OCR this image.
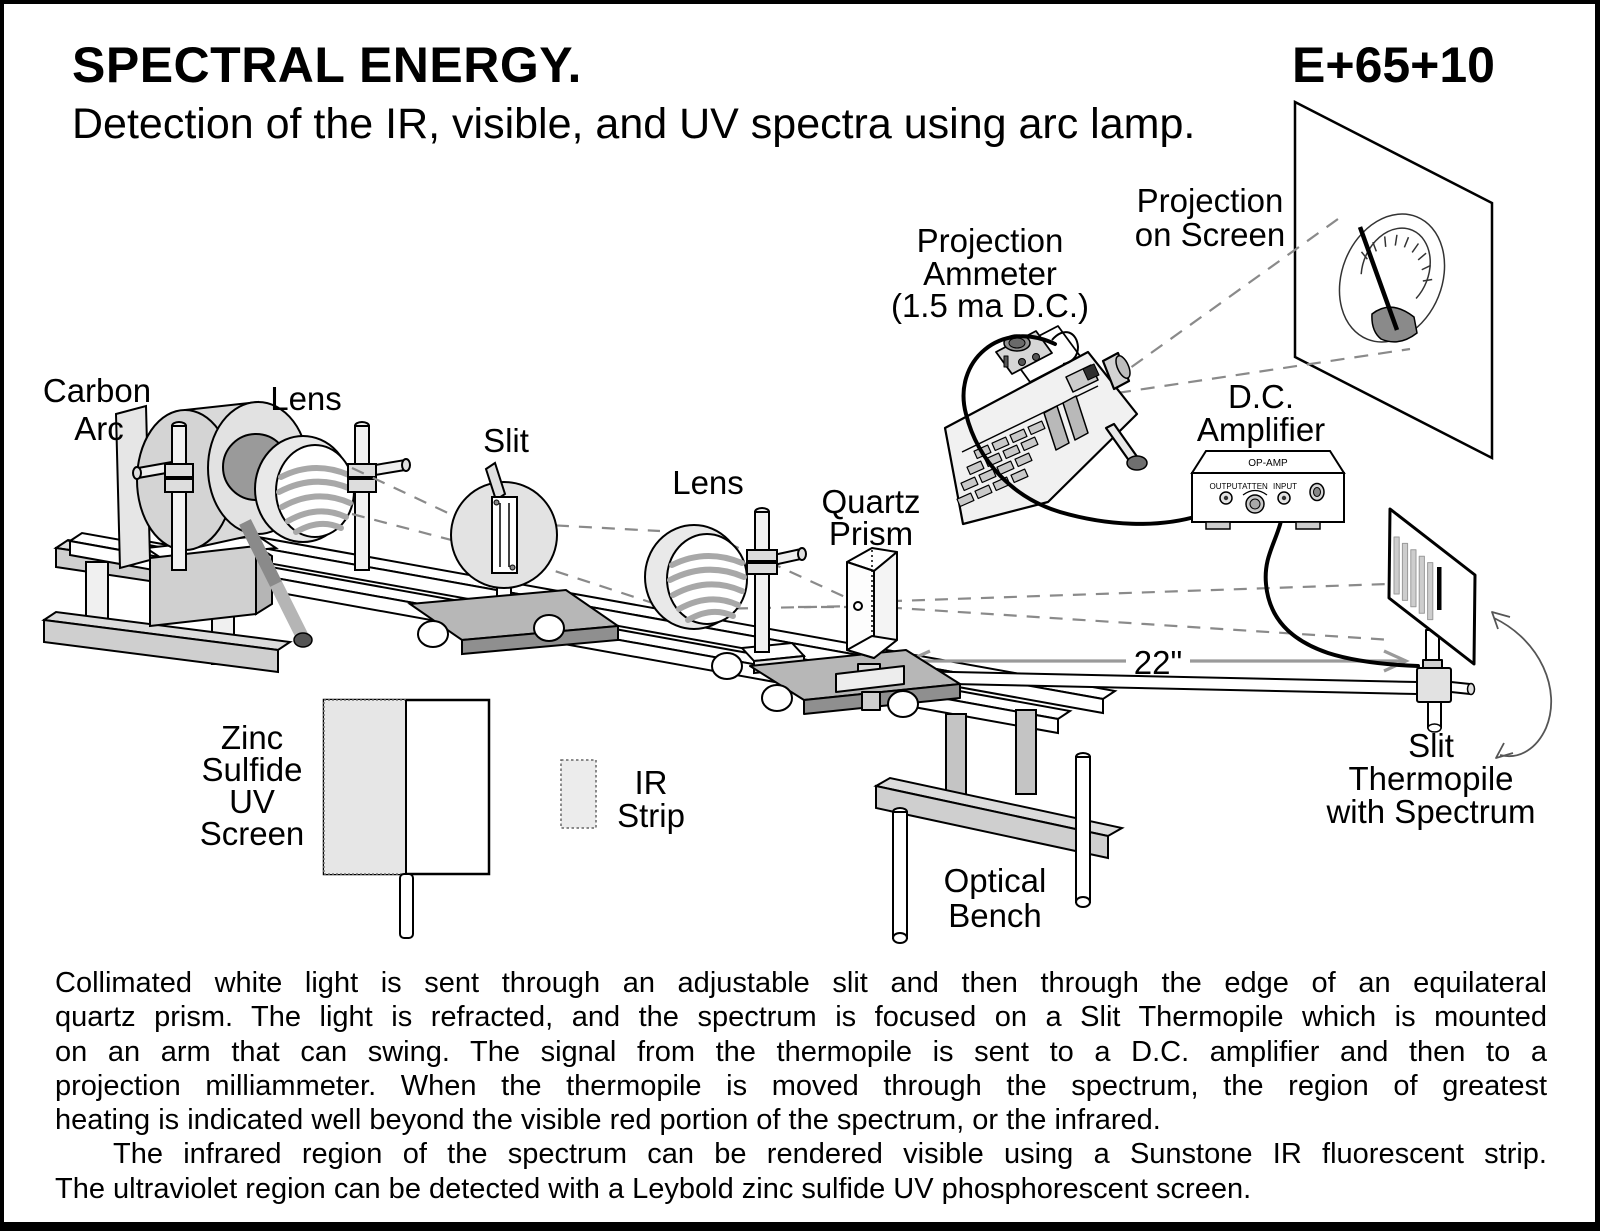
SPECTRAL ENERGY.	E+65+10
Detection of the IR, visible, and UV spectra using arc lamp.
OP-AMP
OUTPUT ATTEN INPUT
Carbon
Arc
Lens
Slit
Lens
Quartz
Prism
Projection
Ammeter
(1.5 ma D.C.)
Projection
on Screen
D.C.
Amplifier
Slit
Thermopile
with Spectrum
Zinc
Sulfide
UV
Screen
IR
Strip
Optical
Bench
22"
Collimated white light is sent through an adjustable slit and then through the edge of an equilateral
quartz prism. The light is refracted, and the spectrum is focused on a Slit Thermopile which is mounted
on an arm that can swing. The signal from the thermopile is sent to a D.C. amplifier and then to a
projection milliammeter. When the thermopile is moved through the spectrum, the region of greatest
heating is indicated well beyond the visible red portion of the spectrum, or the infrared.
The infrared region of the spectrum can be rendered visible using a Sunstone IR fluorescent strip.
The ultraviolet region can be detected with a Leybold zinc sulfide UV phosphorescent screen.
